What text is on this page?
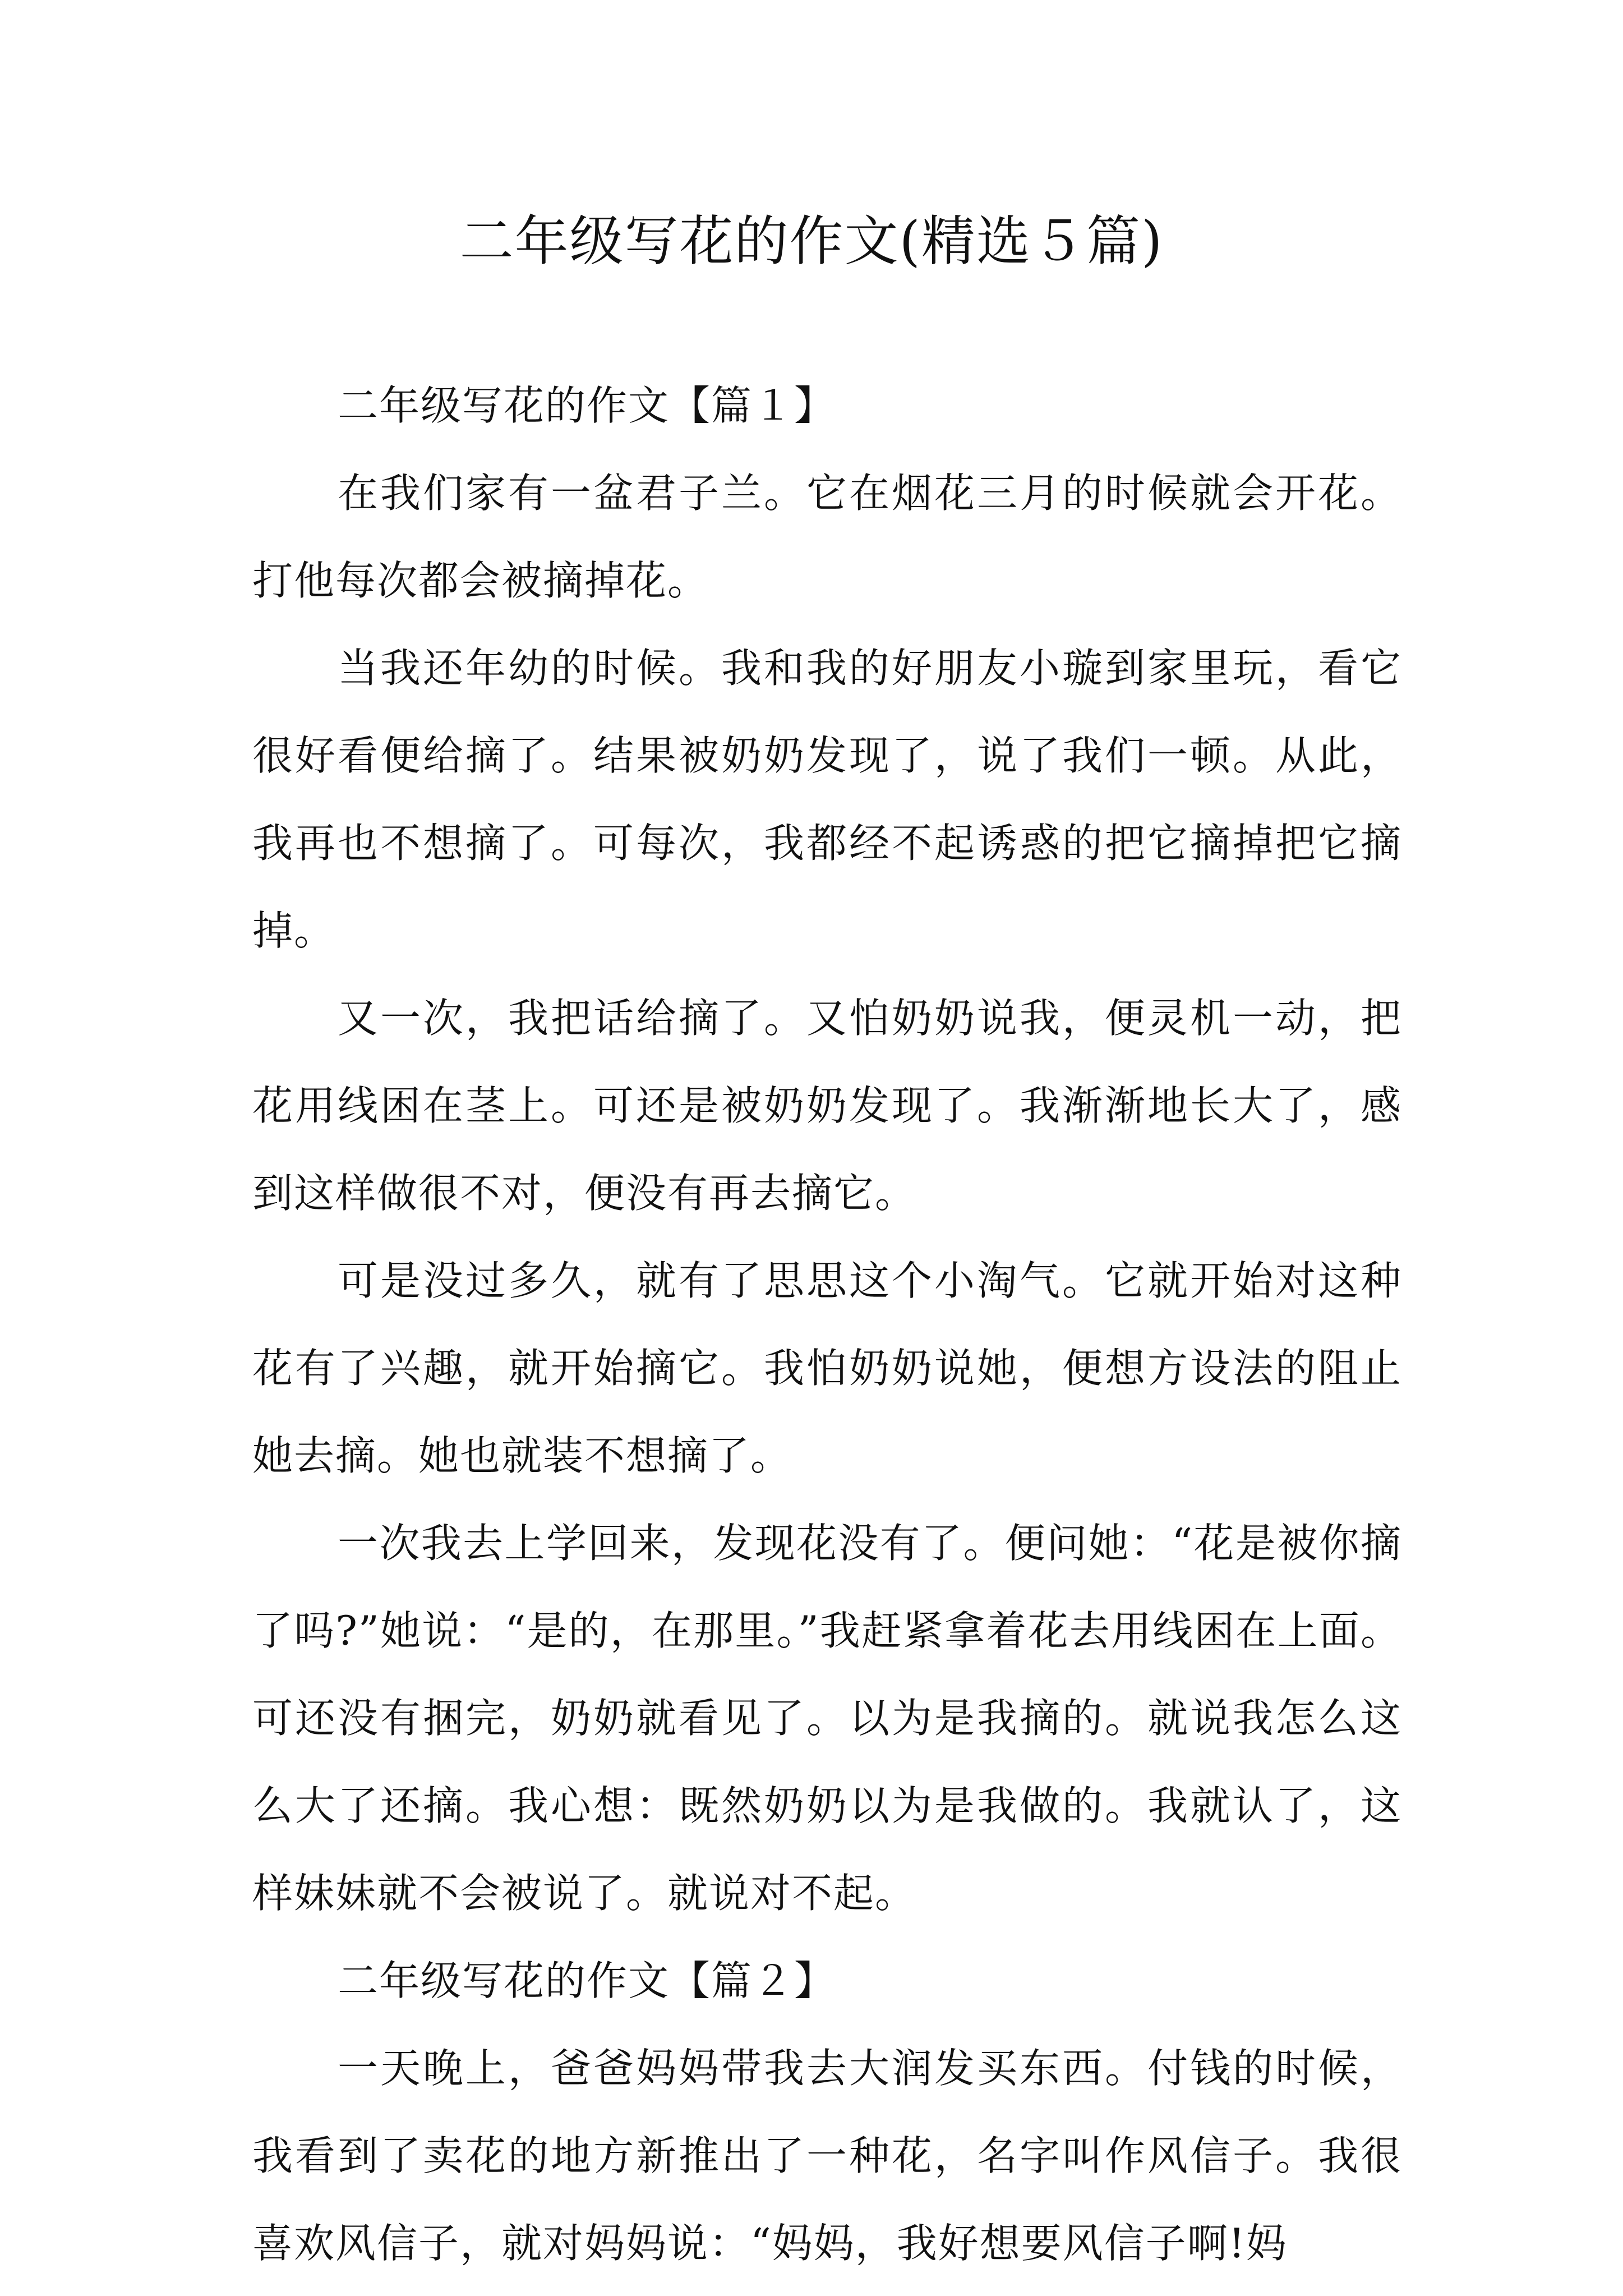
二年级写花的作文(精选５篇)

二年级写花的作文【篇１】

在我们家有一盆君子兰。它在烟花三月的时候就会开花。打他每次都会被摘掉花。

当我还年幼的时候。我和我的好朋友小璇到家里玩，看它很好看便给摘了。结果被奶奶发现了，说了我们一顿。从此，我再也不想摘了。可每次，我都经不起诱惑的把它摘掉把它摘掉。

又一次，我把话给摘了。又怕奶奶说我，便灵机一动，把花用线困在茎上。可还是被奶奶发现了。我渐渐地长大了，感到这样做很不对，便没有再去摘它。

可是没过多久，就有了思思这个小淘气。它就开始对这种花有了兴趣，就开始摘它。我怕奶奶说她，便想方设法的阻止她去摘。她也就装不想摘了。

一次我去上学回来，发现花没有了。便问她：“花是被你摘了吗?”她说：“是的，在那里。”我赶紧拿着花去用线困在上面。可还没有捆完，奶奶就看见了。以为是我摘的。就说我怎么这么大了还摘。我心想：既然奶奶以为是我做的。我就认了，这样妹妹就不会被说了。就说对不起。

二年级写花的作文【篇２】

一天晚上，爸爸妈妈带我去大润发买东西。付钱的时候，我看到了卖花的地方新推出了一种花，名字叫作风信子。我很喜欢风信子，就对妈妈说：“妈妈，我好想要风信子啊!妈
